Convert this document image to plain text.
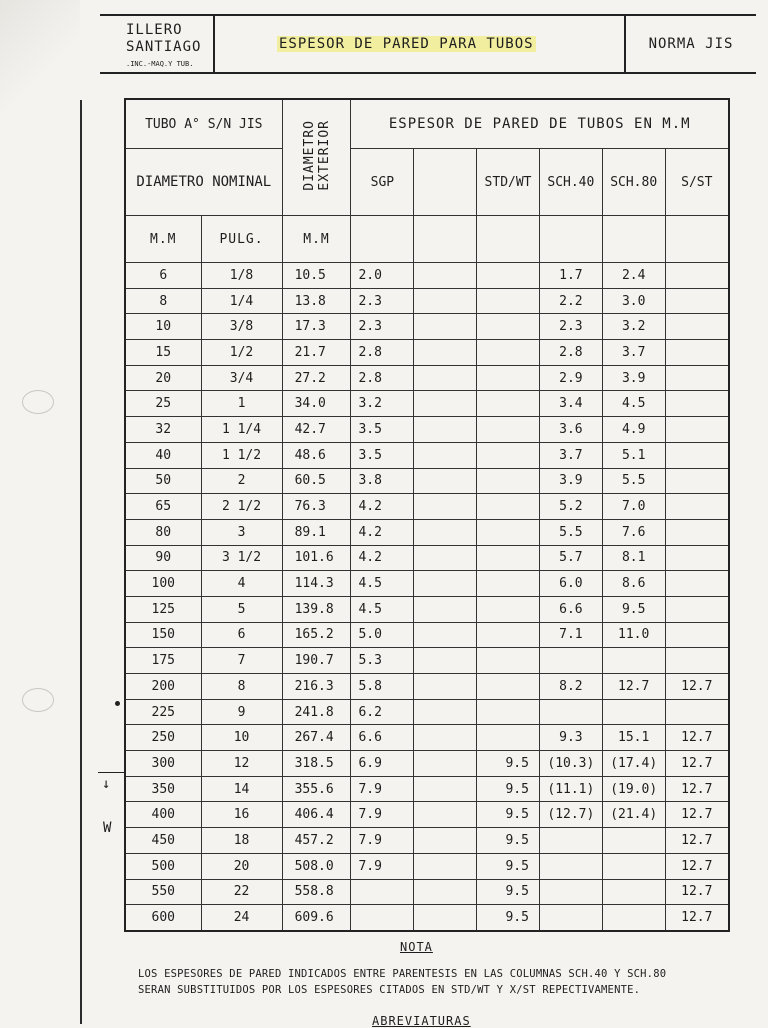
ILLERO
SANTIAGO
.INC.-MAQ.Y TUB.
ESPESOR DE PARED PARA TUBOS	NORMA JIS
TUBO A° S/N JIS		DIAMETRO
EXTERIOR	ESPESOR DE PARED DE TUBOS EN M.M					
DIAMETRO NOMINAL			SGP		STD/WT	SCH.40	SCH.80	S/ST
M.M	PULG.	M.M						
6	1/8	10.5	2.0			1.7	2.4	
8	1/4	13.8	2.3			2.2	3.0	
10	3/8	17.3	2.3			2.3	3.2	
15	1/2	21.7	2.8			2.8	3.7	
20	3/4	27.2	2.8			2.9	3.9	
25	1	34.0	3.2			3.4	4.5	
32	1 1/4	42.7	3.5			3.6	4.9	
40	1 1/2	48.6	3.5			3.7	5.1	
50	2	60.5	3.8			3.9	5.5	
65	2 1/2	76.3	4.2			5.2	7.0	
80	3	89.1	4.2			5.5	7.6	
90	3 1/2	101.6	4.2			5.7	8.1	
100	4	114.3	4.5			6.0	8.6	
125	5	139.8	4.5			6.6	9.5	
150	6	165.2	5.0			7.1	11.0	
175	7	190.7	5.3					
200	8	216.3	5.8			8.2	12.7	12.7
225	9	241.8	6.2					
250	10	267.4	6.6			9.3	15.1	12.7
300	12	318.5	6.9		9.5	(10.3)	(17.4)	12.7
350	14	355.6	7.9		9.5	(11.1)	(19.0)	12.7
400	16	406.4	7.9		9.5	(12.7)	(21.4)	12.7
450	18	457.2	7.9		9.5			12.7
500	20	508.0	7.9		9.5			12.7
550	22	558.8			9.5			12.7
600	24	609.6			9.5			12.7
↓
W
NOTA
LOS ESPESORES DE PARED INDICADOS ENTRE PARENTESIS EN LAS COLUMNAS SCH.40 Y SCH.80
SERAN SUBSTITUIDOS POR LOS ESPESORES CITADOS EN STD/WT Y X/ST REPECTIVAMENTE.
ABREVIATURAS
